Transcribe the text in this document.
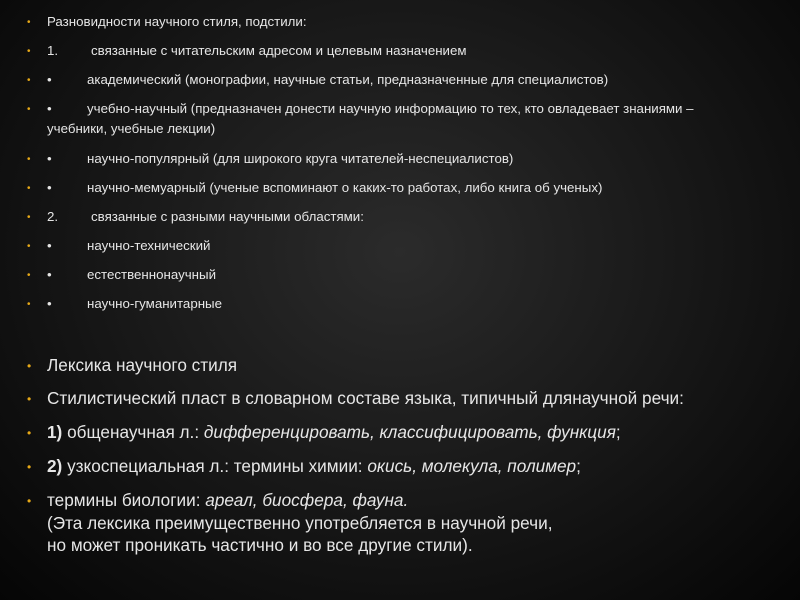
• Разновидности научного стиля, подстили:
• 1. связанные с читательским адресом и целевым назначением
• •	академический (монографии, научные статьи, предназначенные для специалистов)
• •	учебно-научный (предназначен донести научную информацию то тех, кто овладевает знаниями –
учебники, учебные лекции)
• •	научно-популярный (для широкого круга читателей-неспециалистов)
• •	научно-мемуарный (ученые вспоминают о каких-то работах, либо книга об ученых)
• 2. связанные с разными научными областями:
• •	научно-технический
• •	естественнонаучный
• •	научно-гуманитарные
• Лексика научного стиля
• Стилистический пласт в словарном составе языка, типичный длянаучной речи:
• 1) общенаучная л.: дифференцировать, классифицировать, функция;
• 2) узкоспециальная л.: термины химии: окись, молекула, полимер;
• термины биологии: ареал, биосфера, фауна.
(Эта лексика преимущественно употребляется в научной речи,
но может проникать частично и во все другие стили).
